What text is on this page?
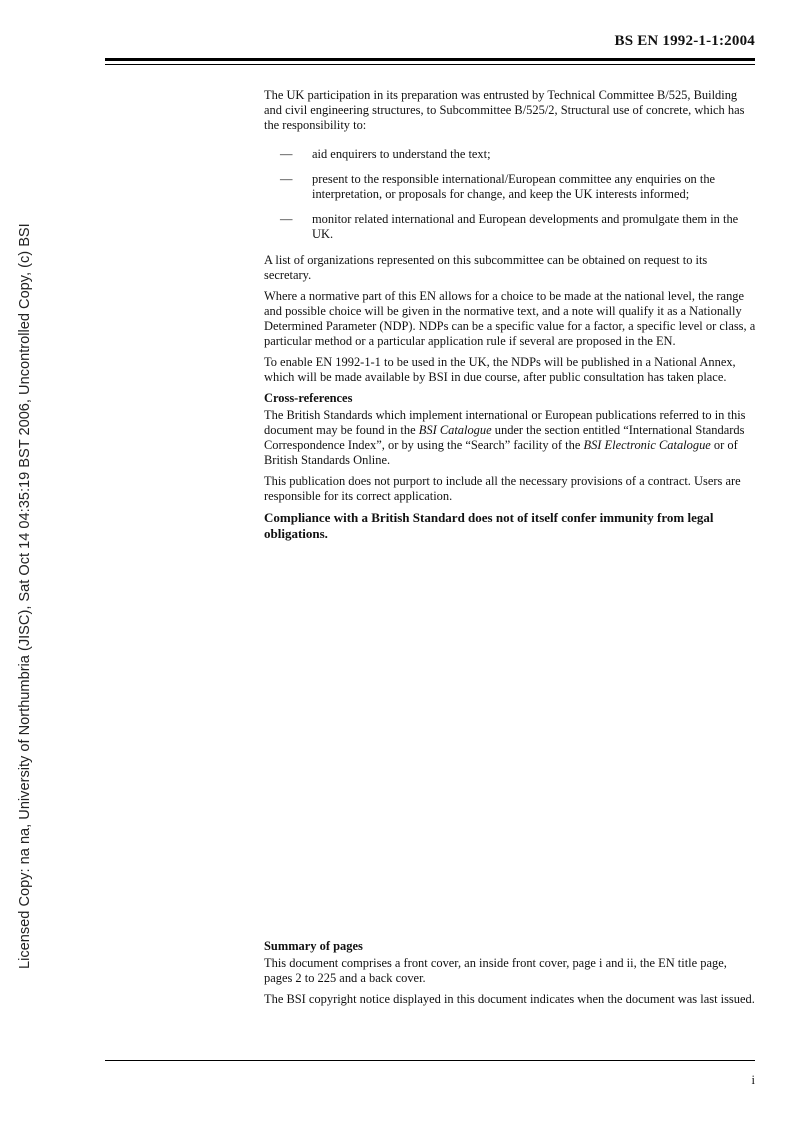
BS EN 1992-1-1:2004
Licensed Copy: na na, University of Northumbria (JISC), Sat Oct 14 04:35:19 BST 2006, Uncontrolled Copy, (c) BSI

The UK participation in its preparation was entrusted by Technical Committee B/525, Building and civil engineering structures, to Subcommittee B/525/2, Structural use of concrete, which has the responsibility to:

— aid enquirers to understand the text;
— present to the responsible international/European committee any enquiries on the interpretation, or proposals for change, and keep the UK interests informed;
— monitor related international and European developments and promulgate them in the UK.

A list of organizations represented on this subcommittee can be obtained on request to its secretary.

Where a normative part of this EN allows for a choice to be made at the national level, the range and possible choice will be given in the normative text, and a note will qualify it as a Nationally Determined Parameter (NDP). NDPs can be a specific value for a factor, a specific level or class, a particular method or a particular application rule if several are proposed in the EN.

To enable EN 1992-1-1 to be used in the UK, the NDPs will be published in a National Annex, which will be made available by BSI in due course, after public consultation has taken place.

Cross-references

The British Standards which implement international or European publications referred to in this document may be found in the BSI Catalogue under the section entitled “International Standards Correspondence Index”, or by using the “Search” facility of the BSI Electronic Catalogue or of British Standards Online.

This publication does not purport to include all the necessary provisions of a contract. Users are responsible for its correct application.

Compliance with a British Standard does not of itself confer immunity from legal obligations.

Summary of pages

This document comprises a front cover, an inside front cover, page i and ii, the EN title page, pages 2 to 225 and a back cover.

The BSI copyright notice displayed in this document indicates when the document was last issued.

i
